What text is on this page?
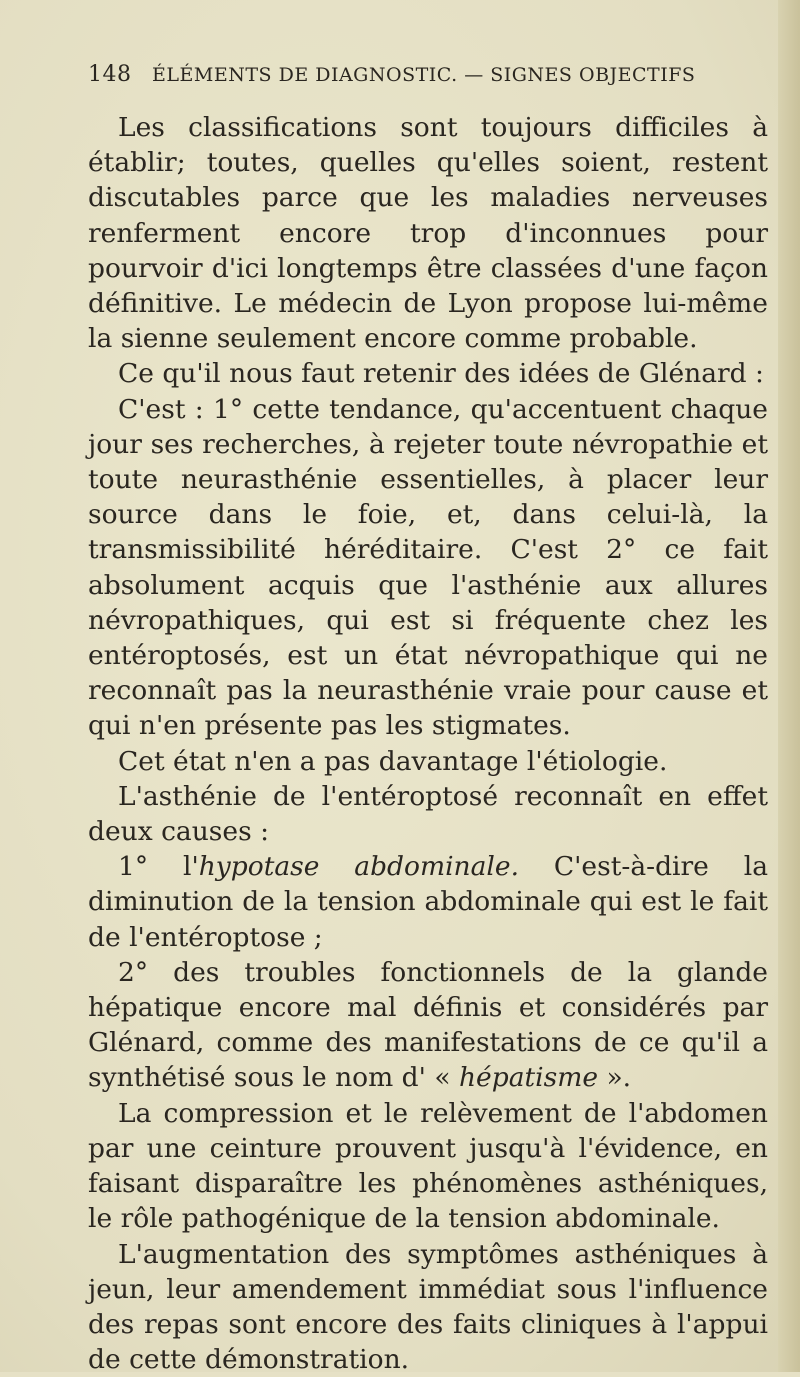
148 ÉLÉMENTS DE DIAGNOSTIC. — SIGNES OBJECTIFS

Les classifications sont toujours difficiles à établir; toutes, quelles qu'elles soient, restent discutables parce que les maladies nerveuses renferment encore trop d'inconnues pour pourvoir d'ici longtemps être classées d'une façon définitive. Le médecin de Lyon propose lui-même la sienne seulement encore comme probable.

Ce qu'il nous faut retenir des idées de Glénard :

C'est : 1° cette tendance, qu'accentuent chaque jour ses recherches, à rejeter toute névropathie et toute neurasthénie essentielles, à placer leur source dans le foie, et, dans celui-là, la transmissibilité héréditaire. C'est 2° ce fait absolument acquis que l'asthénie aux allures névropathiques, qui est si fréquente chez les entéroptosés, est un état névropathique qui ne reconnaît pas la neurasthénie vraie pour cause et qui n'en présente pas les stigmates.

Cet état n'en a pas davantage l'étiologie.

L'asthénie de l'entéroptosé reconnaît en effet deux causes :

1° l'hypotase abdominale. C'est-à-dire la diminution de la tension abdominale qui est le fait de l'entéroptose ;

2° des troubles fonctionnels de la glande hépatique encore mal définis et considérés par Glénard, comme des manifestations de ce qu'il a synthétisé sous le nom d' « hépatisme ».

La compression et le relèvement de l'abdomen par une ceinture prouvent jusqu'à l'évidence, en faisant disparaître les phénomènes asthéniques, le rôle pathogénique de la tension abdominale.

L'augmentation des symptômes asthéniques à jeun, leur amendement immédiat sous l'influence des repas sont encore des faits cliniques à l'appui de cette démonstration.
